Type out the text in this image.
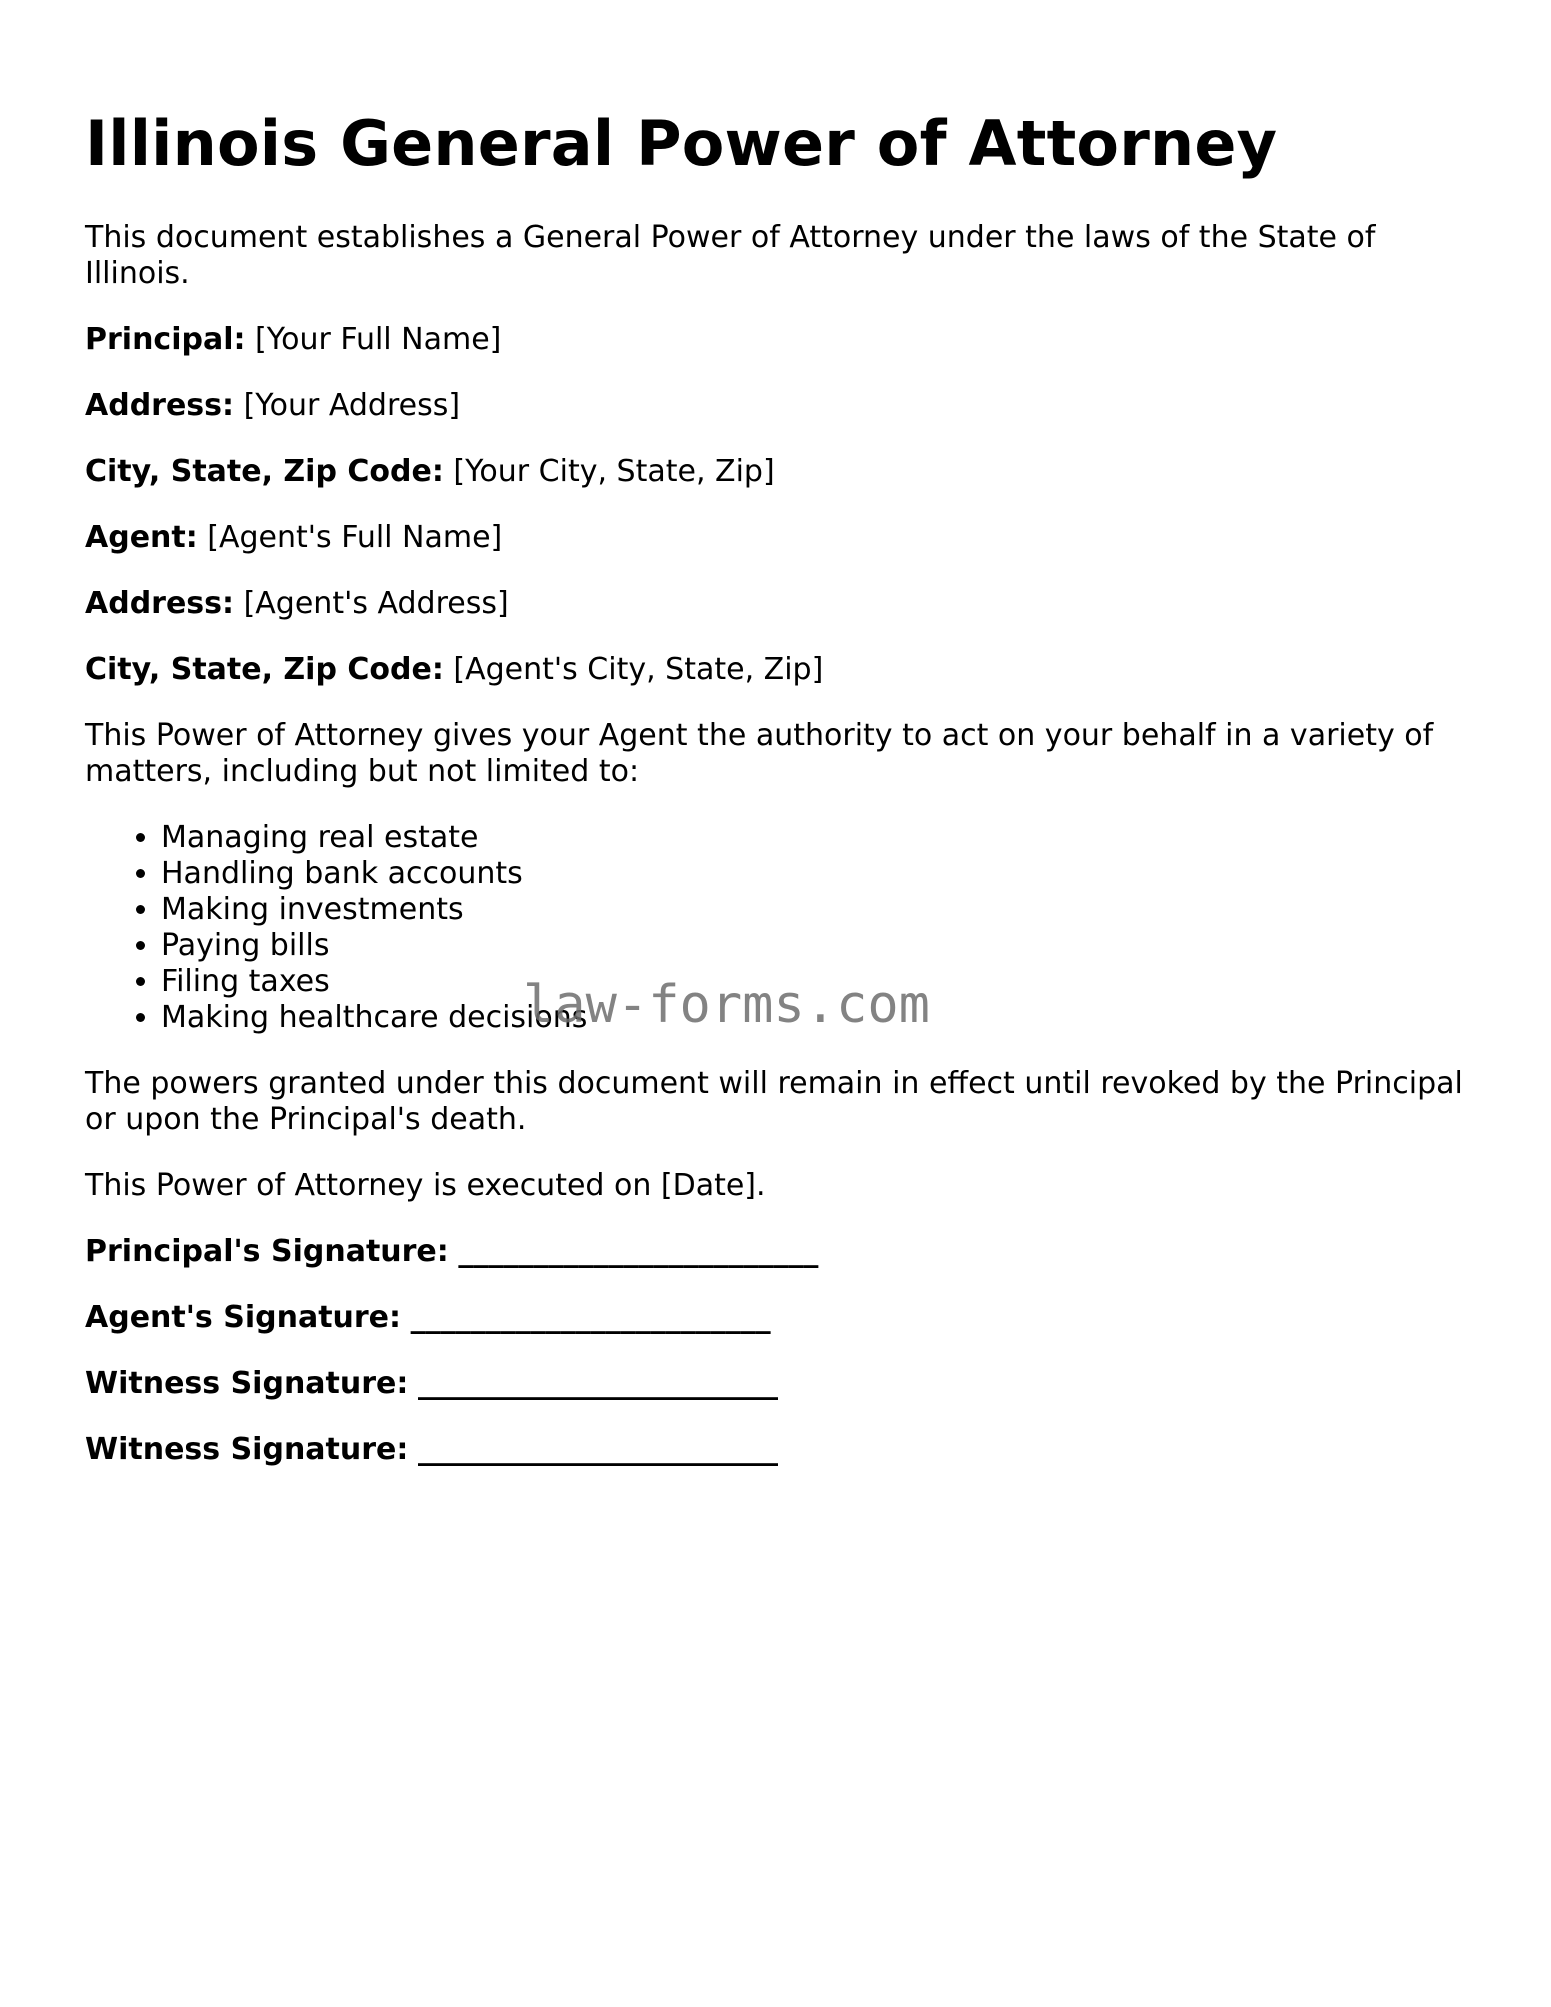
Illinois General Power of Attorney

This document establishes a General Power of Attorney under the laws of the State of Illinois.

Principal: [Your Full Name]

Address: [Your Address]

City, State, Zip Code: [Your City, State, Zip]

Agent: [Agent's Full Name]

Address: [Agent's Address]

City, State, Zip Code: [Agent's City, State, Zip]

This Power of Attorney gives your Agent the authority to act on your behalf in a variety of matters, including but not limited to:

• Managing real estate
• Handling bank accounts
• Making investments
• Paying bills
• Filing taxes
• Making healthcare decisions

The powers granted under this document will remain in effect until revoked by the Principal or upon the Principal's death.

This Power of Attorney is executed on [Date].

Principal's Signature: ________________________

Agent's Signature: ________________________

Witness Signature: ________________________

Witness Signature: ________________________

law-forms.com
